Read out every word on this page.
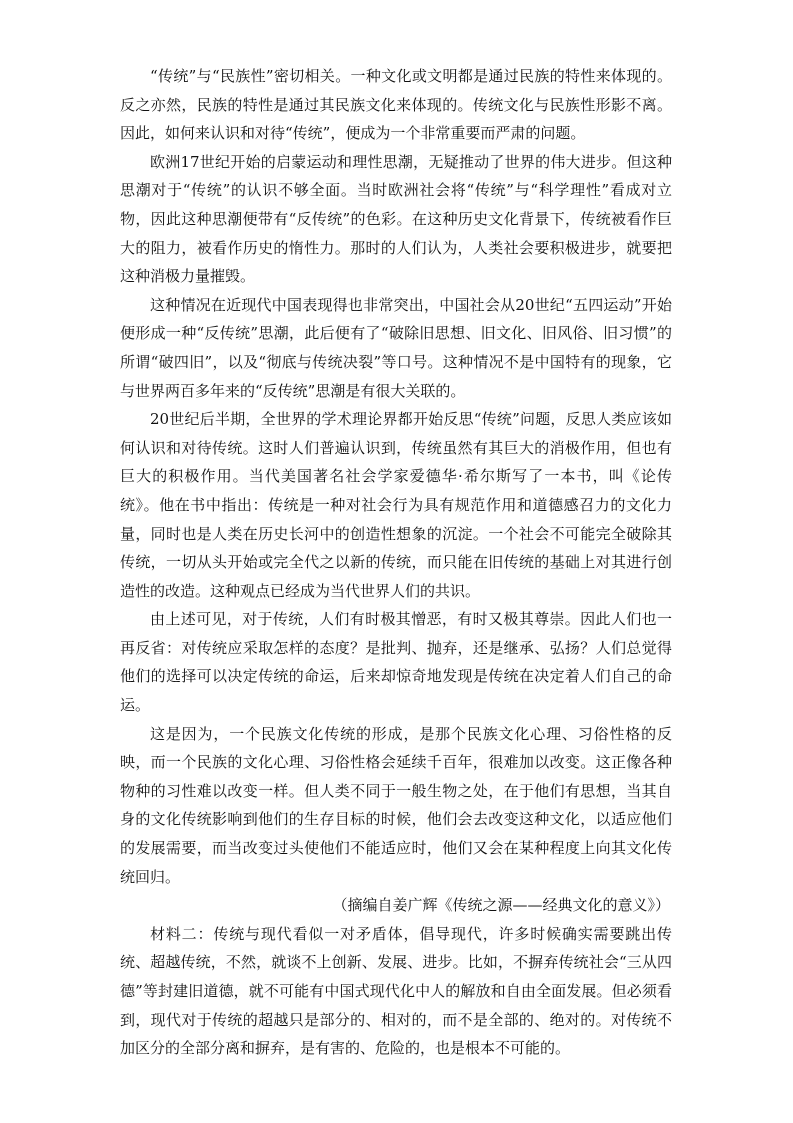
“传统”与“民族性”密切相关。一种文化或文明都是通过民族的特性来体现的。反之亦然，民族的特性是通过其民族文化来体现的。传统文化与民族性形影不离。因此，如何来认识和对待“传统”，便成为一个非常重要而严肃的问题。

欧洲17世纪开始的启蒙运动和理性思潮，无疑推动了世界的伟大进步。但这种思潮对于“传统”的认识不够全面。当时欧洲社会将“传统”与“科学理性”看成对立物，因此这种思潮便带有“反传统”的色彩。在这种历史文化背景下，传统被看作巨大的阻力，被看作历史的惰性力。那时的人们认为，人类社会要积极进步，就要把这种消极力量摧毁。

这种情况在近现代中国表现得也非常突出，中国社会从20世纪“五四运动”开始便形成一种“反传统”思潮，此后便有了“破除旧思想、旧文化、旧风俗、旧习惯”的所谓“破四旧”，以及“彻底与传统决裂”等口号。这种情况不是中国特有的现象，它与世界两百多年来的“反传统”思潮是有很大关联的。

20世纪后半期，全世界的学术理论界都开始反思“传统”问题，反思人类应该如何认识和对待传统。这时人们普遍认识到，传统虽然有其巨大的消极作用，但也有巨大的积极作用。当代美国著名社会学家爱德华·希尔斯写了一本书，叫《论传统》。他在书中指出：传统是一种对社会行为具有规范作用和道德感召力的文化力量，同时也是人类在历史长河中的创造性想象的沉淀。一个社会不可能完全破除其传统，一切从头开始或完全代之以新的传统，而只能在旧传统的基础上对其进行创造性的改造。这种观点已经成为当代世界人们的共识。

由上述可见，对于传统，人们有时极其憎恶，有时又极其尊崇。因此人们也一再反省：对传统应采取怎样的态度？是批判、抛弃，还是继承、弘扬？人们总觉得他们的选择可以决定传统的命运，后来却惊奇地发现是传统在决定着人们自己的命运。

这是因为，一个民族文化传统的形成，是那个民族文化心理、习俗性格的反映，而一个民族的文化心理、习俗性格会延续千百年，很难加以改变。这正像各种物种的习性难以改变一样。但人类不同于一般生物之处，在于他们有思想，当其自身的文化传统影响到他们的生存目标的时候，他们会去改变这种文化，以适应他们的发展需要，而当改变过头使他们不能适应时，他们又会在某种程度上向其文化传统回归。

（摘编自姜广辉《传统之源——经典文化的意义》）

材料二：传统与现代看似一对矛盾体，倡导现代，许多时候确实需要跳出传统、超越传统，不然，就谈不上创新、发展、进步。比如，不摒弃传统社会“三从四德”等封建旧道德，就不可能有中国式现代化中人的解放和自由全面发展。但必须看到，现代对于传统的超越只是部分的、相对的，而不是全部的、绝对的。对传统不加区分的全部分离和摒弃，是有害的、危险的，也是根本不可能的。
